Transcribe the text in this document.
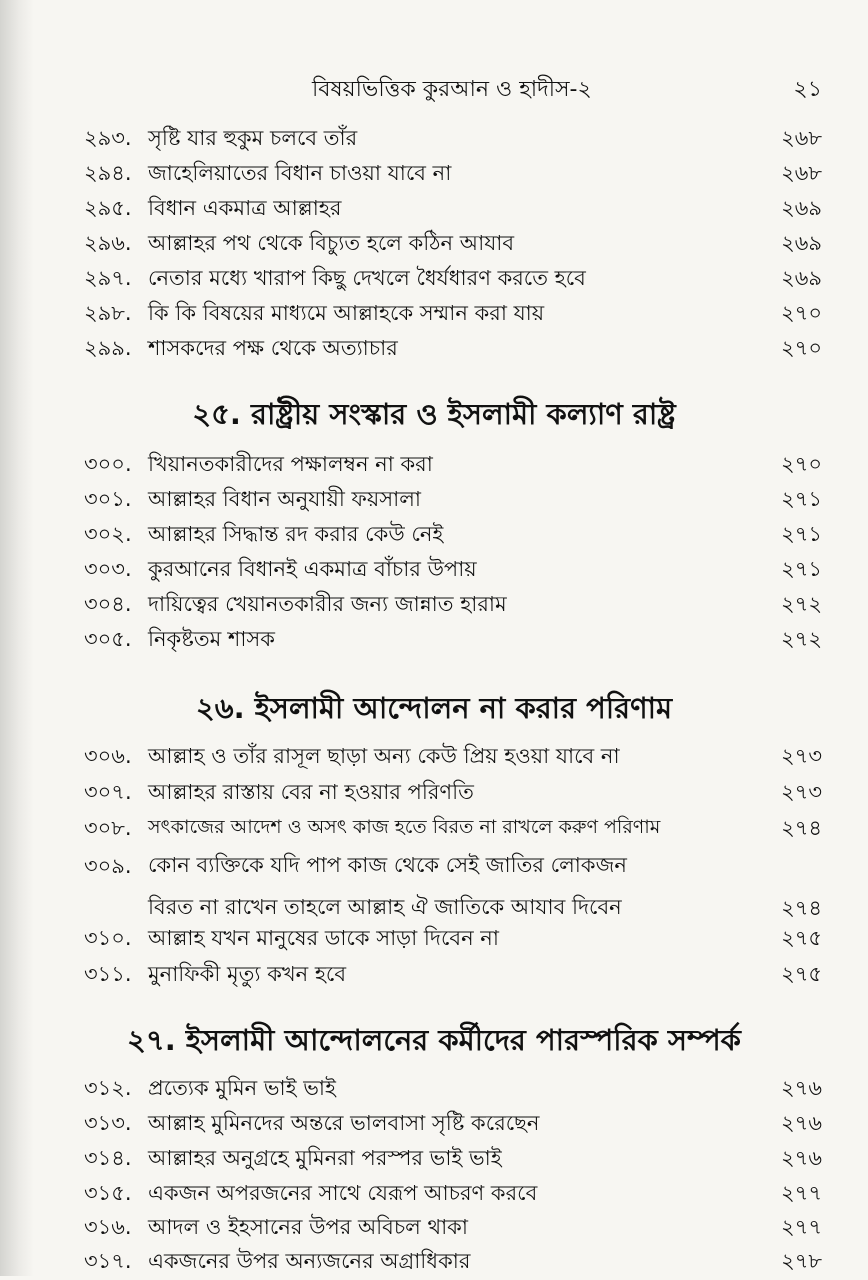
বিষয়ভিত্তিক কুরআন ও হাদীস-২	২১
২৯৩. সৃষ্টি যার হুকুম চলবে তাঁর	২৬৮
২৯৪. জাহেলিয়াতের বিধান চাওয়া যাবে না	২৬৮
২৯৫. বিধান একমাত্র আল্লাহর	২৬৯
২৯৬. আল্লাহর পথ থেকে বিচ্যুত হলে কঠিন আযাব	২৬৯
২৯৭. নেতার মধ্যে খারাপ কিছু দেখলে ধৈর্যধারণ করতে হবে	২৬৯
২৯৮. কি কি বিষয়ের মাধ্যমে আল্লাহকে সম্মান করা যায়	২৭০
২৯৯. শাসকদের পক্ষ থেকে অত্যাচার	২৭০
২৫. রাষ্ট্রীয় সংস্কার ও ইসলামী কল্যাণ রাষ্ট্র
৩০০. খিয়ানতকারীদের পক্ষালম্বন না করা	২৭০
৩০১. আল্লাহর বিধান অনুযায়ী ফয়সালা	২৭১
৩০২. আল্লাহর সিদ্ধান্ত রদ করার কেউ নেই	২৭১
৩০৩. কুরআনের বিধানই একমাত্র বাঁচার উপায়	২৭১
৩০৪. দায়িত্বের খেয়ানতকারীর জন্য জান্নাত হারাম	২৭২
৩০৫. নিকৃষ্টতম শাসক	২৭২
২৬. ইসলামী আন্দোলন না করার পরিণাম
৩০৬. আল্লাহ ও তাঁর রাসূল ছাড়া অন্য কেউ প্রিয় হওয়া যাবে না	২৭৩
৩০৭. আল্লাহর রাস্তায় বের না হওয়ার পরিণতি	২৭৩
৩০৮. সৎকাজের আদেশ ও অসৎ কাজ হতে বিরত না রাখলে করুণ পরিণাম	২৭৪
৩০৯. কোন ব্যক্তিকে যদি পাপ কাজ থেকে সেই জাতির লোকজন
বিরত না রাখেন তাহলে আল্লাহ ঐ জাতিকে আযাব দিবেন	২৭৪
৩১০. আল্লাহ যখন মানুষের ডাকে সাড়া দিবেন না	২৭৫
৩১১. মুনাফিকী মৃত্যু কখন হবে	২৭৫
২৭. ইসলামী আন্দোলনের কর্মীদের পারস্পরিক সম্পর্ক
৩১২. প্রত্যেক মুমিন ভাই ভাই	২৭৬
৩১৩. আল্লাহ মুমিনদের অন্তরে ভালবাসা সৃষ্টি করেছেন	২৭৬
৩১৪. আল্লাহর অনুগ্রহে মুমিনরা পরস্পর ভাই ভাই	২৭৬
৩১৫. একজন অপরজনের সাথে যেরূপ আচরণ করবে	২৭৭
৩১৬. আদল ও ইহসানের উপর অবিচল থাকা	২৭৭
৩১৭. একজনের উপর অন্যজনের অগ্রাধিকার	২৭৮
